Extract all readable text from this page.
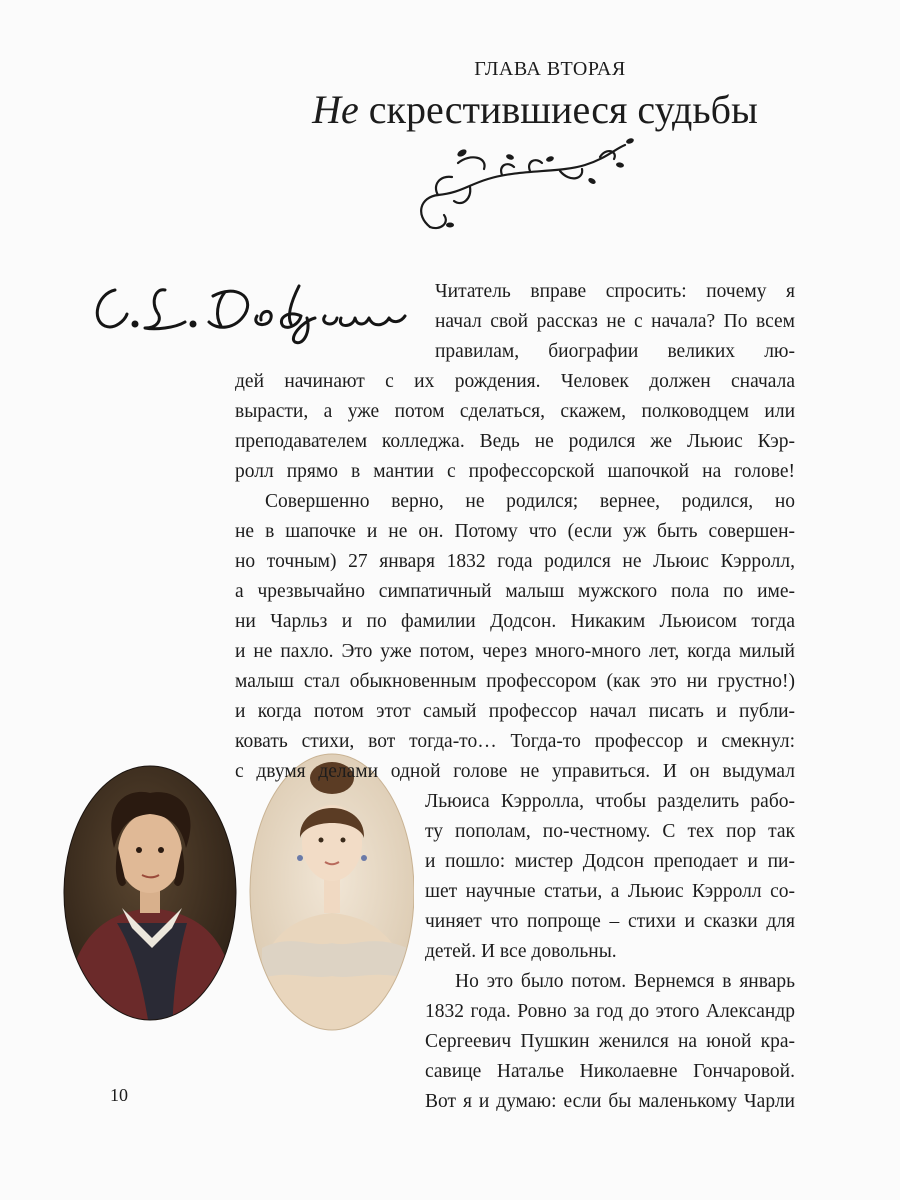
ГЛАВА ВТОРАЯ
Не скрестившиеся судьбы
Читатель вправе спросить: почему я
начал свой рассказ не с начала? По всем
правилам, биографии великих лю-
дей начинают с их рождения. Человек должен сначала
вырасти, а уже потом сделаться, скажем, полководцем или
преподавателем колледжа. Ведь не родился же Льюис Кэр-
ролл прямо в мантии с профессорской шапочкой на голове!
Совершенно верно, не родился; вернее, родился, но
не в шапочке и не он. Потому что (если уж быть совершен-
но точным) 27 января 1832 года родился не Льюис Кэрролл,
а чрезвычайно симпатичный малыш мужского пола по име-
ни Чарльз и по фамилии Додсон. Никаким Льюисом тогда
и не пахло. Это уже потом, через много-много лет, когда милый
малыш стал обыкновенным профессором (как это ни грустно!)
и когда потом этот самый профессор начал писать и публи-
ковать стихи, вот тогда-то… Тогда-то профессор и смекнул:
с двумя делами одной голове не управиться. И он выдумал
Льюиса Кэрролла, чтобы разделить рабо-
ту пополам, по-честному. С тех пор так
и пошло: мистер Додсон преподает и пи-
шет научные статьи, а Льюис Кэрролл со-
чиняет что попроще – стихи и сказки для
детей. И все довольны.
Но это было потом. Вернемся в январь
1832 года. Ровно за год до этого Александр
Сергеевич Пушкин женился на юной кра-
савице Наталье Николаевне Гончаровой.
Вот я и думаю: если бы маленькому Чарли
10
